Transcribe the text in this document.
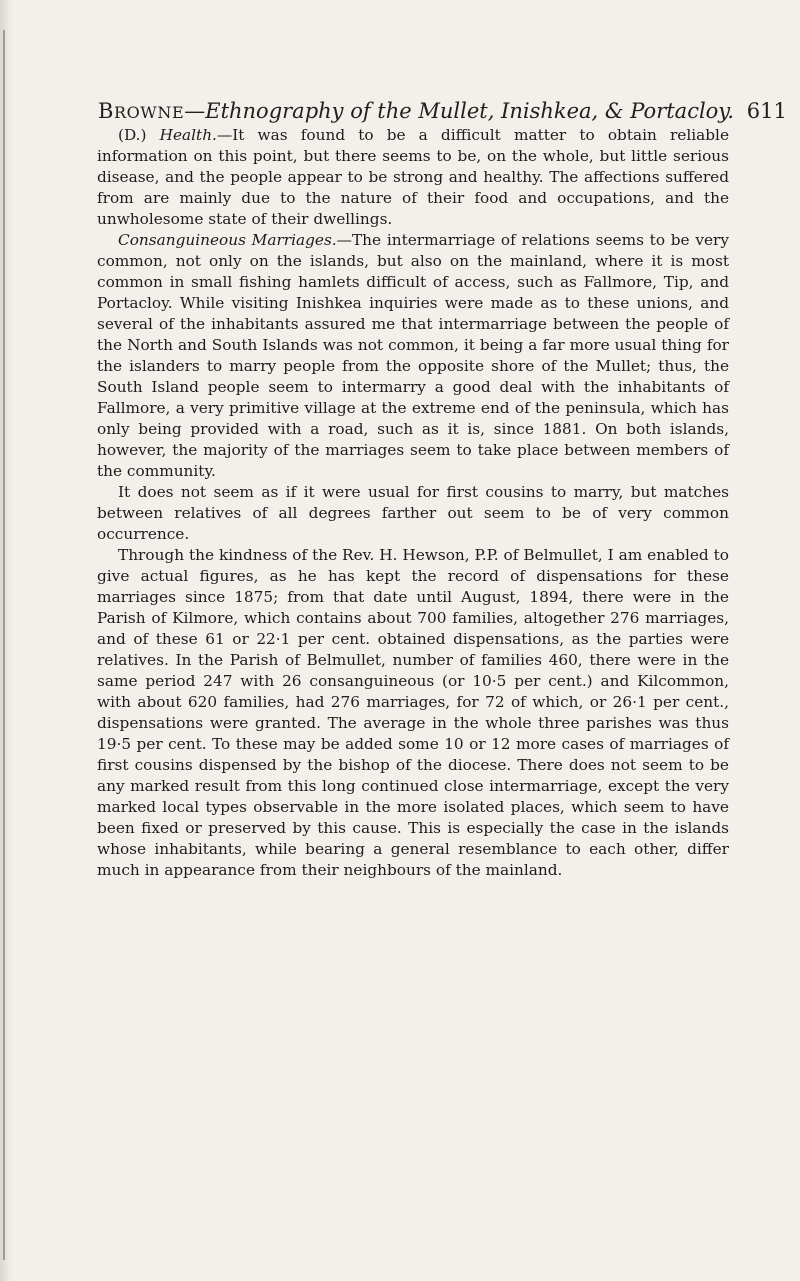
BROWNE—Ethnography of the Mullet, Inishkea, & Portacloy. 611

(D.) Health.—It was found to be a difficult matter to obtain reliable information on this point, but there seems to be, on the whole, but little serious disease, and the people appear to be strong and healthy. The affections suffered from are mainly due to the nature of their food and occupations, and the unwholesome state of their dwellings.

Consanguineous Marriages.—The intermarriage of relations seems to be very common, not only on the islands, but also on the mainland, where it is most common in small fishing hamlets difficult of access, such as Fallmore, Tip, and Portacloy. While visiting Inishkea inquiries were made as to these unions, and several of the inhabitants assured me that intermarriage between the people of the North and South Islands was not common, it being a far more usual thing for the islanders to marry people from the opposite shore of the Mullet; thus, the South Island people seem to intermarry a good deal with the inhabitants of Fallmore, a very primitive village at the extreme end of the peninsula, which has only being provided with a road, such as it is, since 1881. On both islands, however, the majority of the marriages seem to take place between members of the community.

It does not seem as if it were usual for first cousins to marry, but matches between relatives of all degrees farther out seem to be of very common occurrence.

Through the kindness of the Rev. H. Hewson, P.P. of Belmullet, I am enabled to give actual figures, as he has kept the record of dispensations for these marriages since 1875; from that date until August, 1894, there were in the Parish of Kilmore, which contains about 700 families, altogether 276 marriages, and of these 61 or 22·1 per cent. obtained dispensations, as the parties were relatives. In the Parish of Belmullet, number of families 460, there were in the same period 247 with 26 consanguineous (or 10·5 per cent.) and Kilcommon, with about 620 families, had 276 marriages, for 72 of which, or 26·1 per cent., dispensations were granted. The average in the whole three parishes was thus 19·5 per cent. To these may be added some 10 or 12 more cases of marriages of first cousins dispensed by the bishop of the diocese. There does not seem to be any marked result from this long continued close intermarriage, except the very marked local types observable in the more isolated places, which seem to have been fixed or preserved by this cause. This is especially the case in the islands whose inhabitants, while bearing a general resemblance to each other, differ much in appearance from their neighbours of the mainland.
